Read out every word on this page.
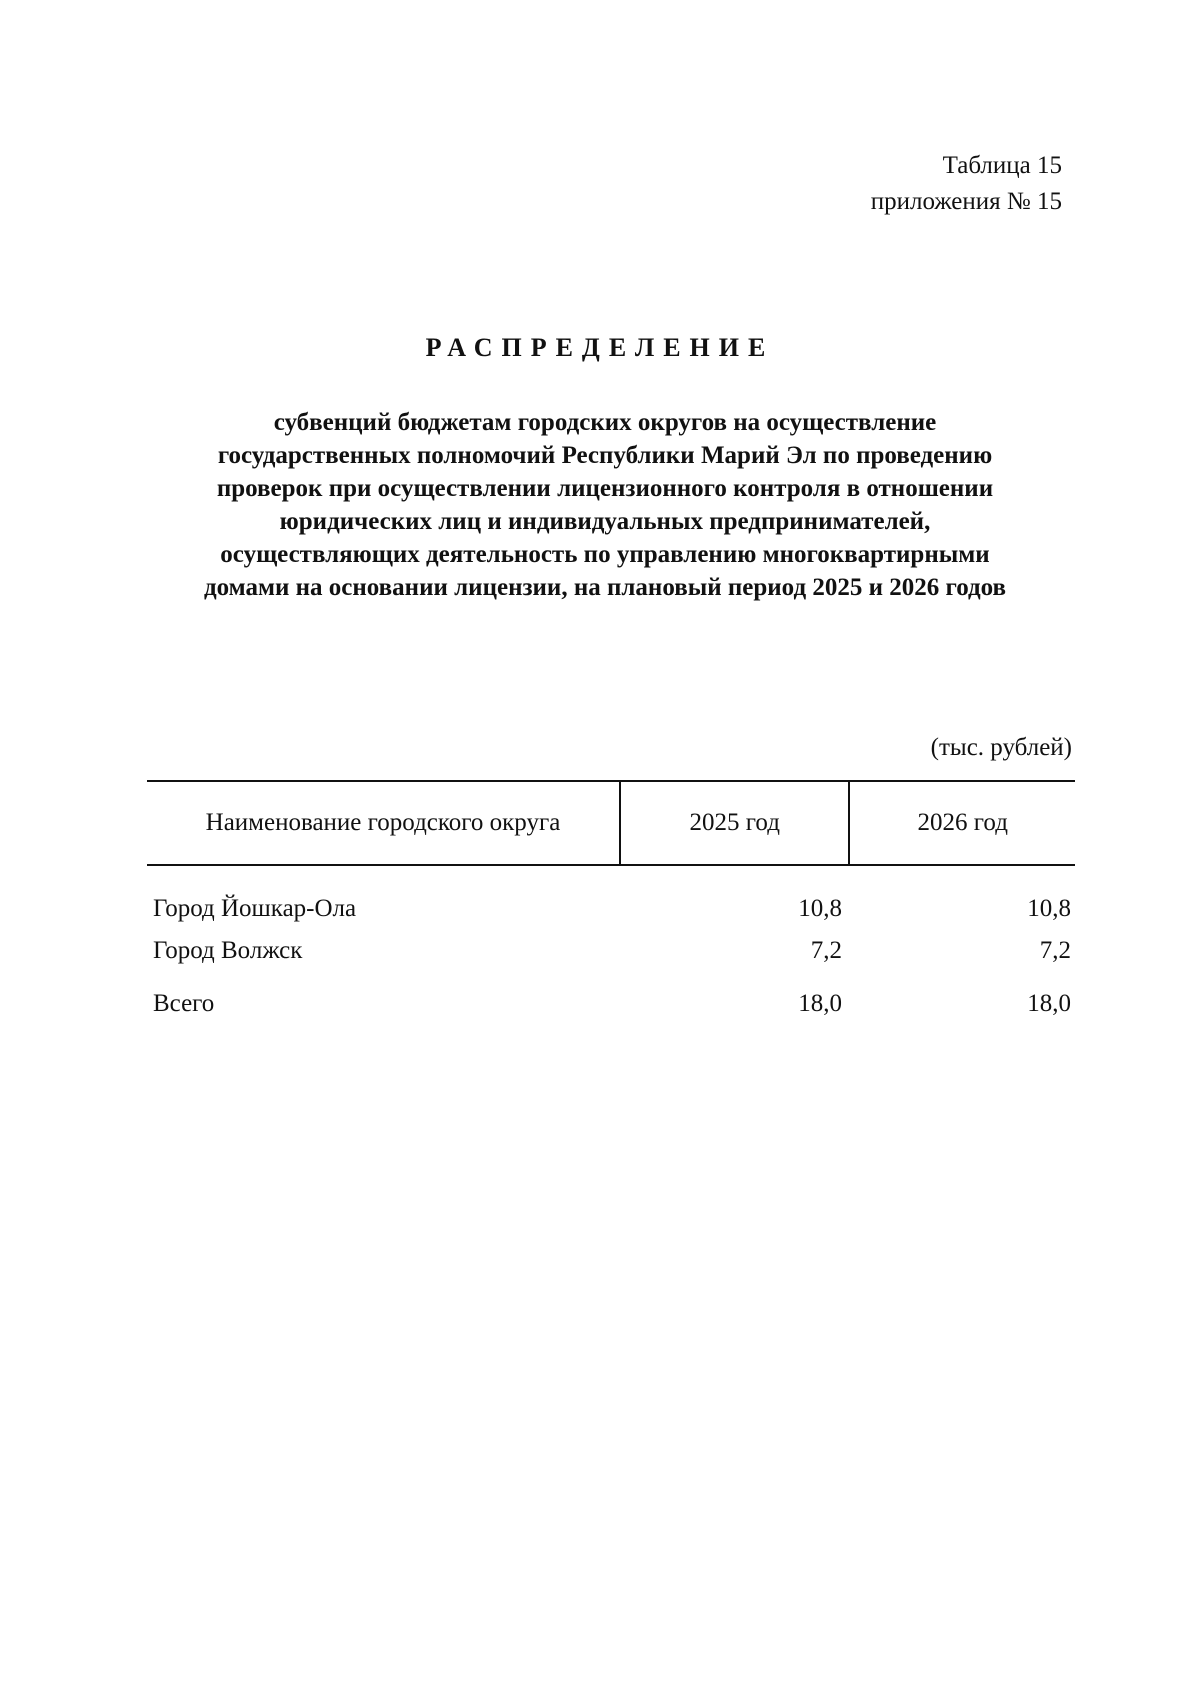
Таблица 15
приложения № 15
РАСПРЕДЕЛЕНИЕ
субвенций бюджетам городских округов на осуществление
государственных полномочий Республики Марий Эл по проведению
проверок при осуществлении лицензионного контроля в отношении
юридических лиц и индивидуальных предпринимателей,
осуществляющих деятельность по управлению многоквартирными
домами на основании лицензии, на плановый период 2025 и 2026 годов
(тыс. рублей)
Наименование городского округа	2025 год	2026 год
Город Йошкар-Ола	10,8	10,8
Город Волжск	7,2	7,2
Всего	18,0	18,0
